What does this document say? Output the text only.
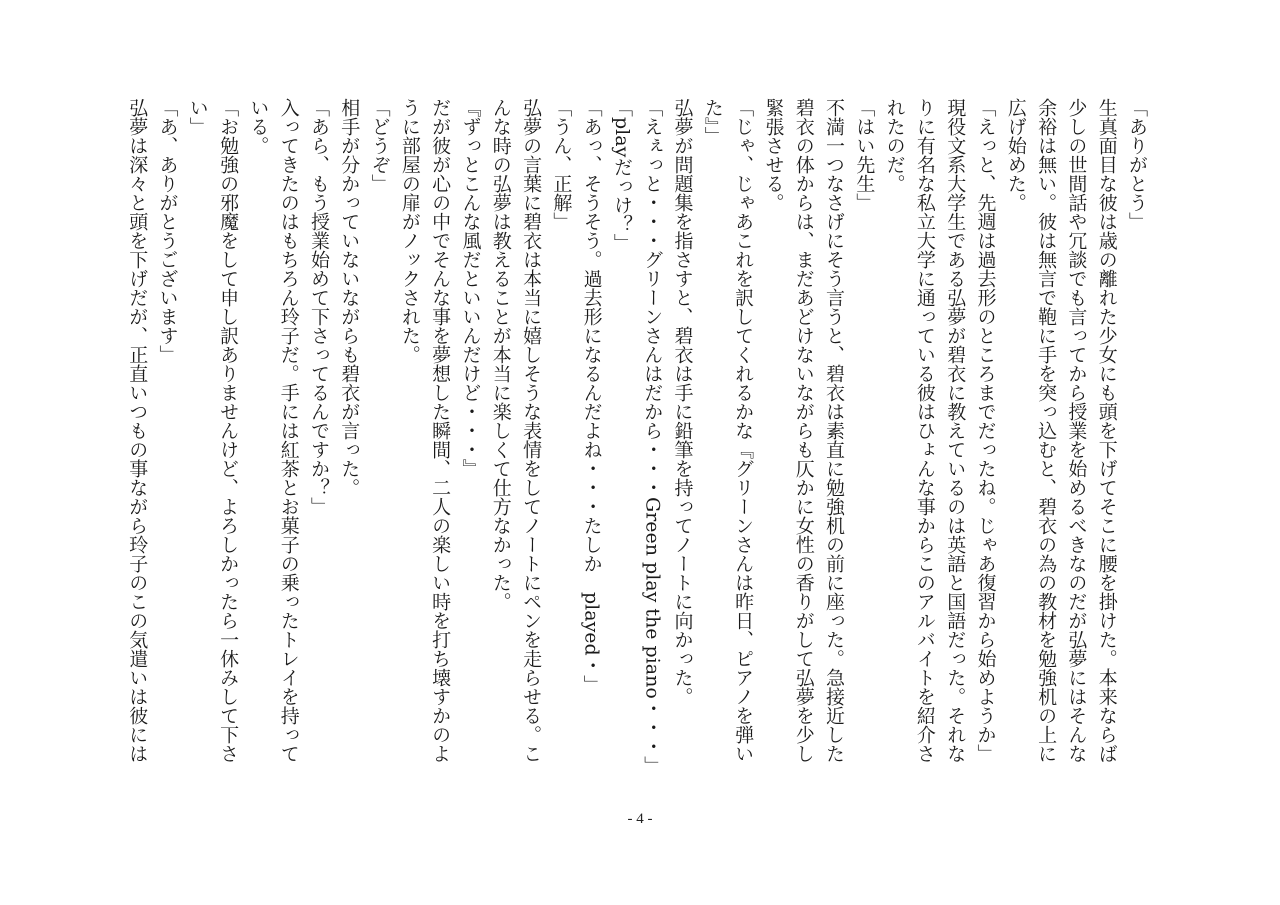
「ありがとう」
生真面目な彼は歳の離れた少女にも頭を下げてそこに腰を掛けた。本来ならば
少しの世間話や冗談でも言ってから授業を始めるべきなのだが弘夢にはそんな
余裕は無い。彼は無言で鞄に手を突っ込むと、碧衣の為の教材を勉強机の上に
広げ始めた。
「えっと、先週は過去形のところまでだったね。じゃあ復習から始めようか」
現役文系大学生である弘夢が碧衣に教えているのは英語と国語だった。それな
りに有名な私立大学に通っている彼はひょんな事からこのアルバイトを紹介さ
れたのだ。
「はい先生」
不満一つなさげにそう言うと、碧衣は素直に勉強机の前に座った。急接近した
碧衣の体からは、まだあどけないながらも仄かに女性の香りがして弘夢を少し
緊張させる。
「じゃ、じゃあこれを訳してくれるかな『グリーンさんは昨日、ピアノを弾い
た』」
弘夢が問題集を指さすと、碧衣は手に鉛筆を持ってノートに向かった。
「えぇっと・・・グリーンさんはだから・・・Green play the piano・・・」
「playだっけ？」
「あっ、そうそう。過去形になるんだよね・・・たしか　played・」
「うん、正解」
弘夢の言葉に碧衣は本当に嬉しそうな表情をしてノートにペンを走らせる。こ
んな時の弘夢は教えることが本当に楽しくて仕方なかった。
『ずっとこんな風だといいんだけど・・・』
だが彼が心の中でそんな事を夢想した瞬間、二人の楽しい時を打ち壊すかのよ
うに部屋の扉がノックされた。
「どうぞ」
相手が分かっていないながらも碧衣が言った。
「あら、もう授業始めて下さってるんですか？」
入ってきたのはもちろん玲子だ。手には紅茶とお菓子の乗ったトレイを持って
いる。
「お勉強の邪魔をして申し訳ありませんけど、よろしかったら一休みして下さ
い」
「あ、ありがとうございます」
弘夢は深々と頭を下げだが、正直いつもの事ながら玲子のこの気遣いは彼には
- 4 -
